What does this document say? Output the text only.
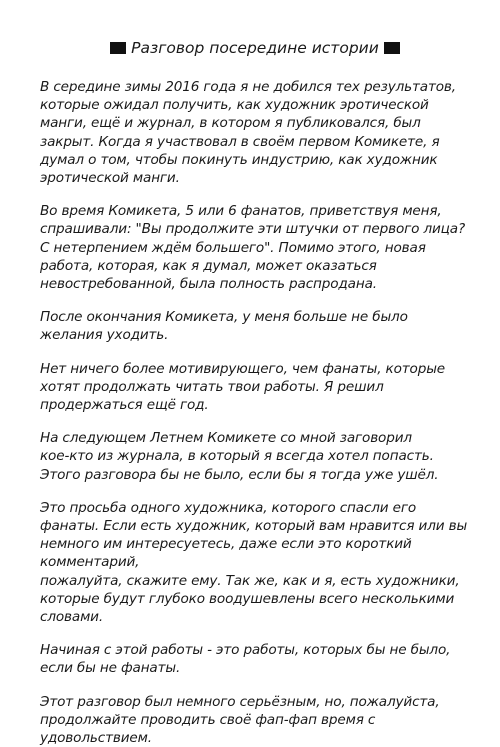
Разговор посередине истории
В середине зимы 2016 года я не добился тех результатов,
которые ожидал получить, как художник эротической
манги, ещё и журнал, в котором я публиковался, был
закрыт. Когда я участвовал в своём первом Комикете, я
думал о том, чтобы покинуть индустрию, как художник
эротической манги.
Во время Комикета, 5 или 6 фанатов, приветствуя меня,
спрашивали: "Вы продолжите эти штучки от первого лица?
С нетерпением ждём большего". Помимо этого, новая
работа, которая, как я думал, может оказаться
невостребованной, была полность распродана.
После окончания Комикета, у меня больше не было
желания уходить.
Нет ничего более мотивирующего, чем фанаты, которые
хотят продолжать читать твои работы. Я решил
продержаться ещё год.
На следующем Летнем Комикете со мной заговорил
кое-кто из журнала, в который я всегда хотел попасть.
Этого разговора бы не было, если бы я тогда уже ушёл.
Это просьба одного художника, которого спасли его
фанаты. Если есть художник, который вам нравится или вы
немного им интересуетесь, даже если это короткий
комментарий,
пожалуйта, скажите ему. Так же, как и я, есть художники,
которые будут глубоко воодушевлены всего несколькими
словами.
Начиная с этой работы - это работы, которых бы не было,
если бы не фанаты.
Этот разговор был немного серьёзным, но, пожалуйста,
продолжайте проводить своё фап-фап время с
удовольствием.
